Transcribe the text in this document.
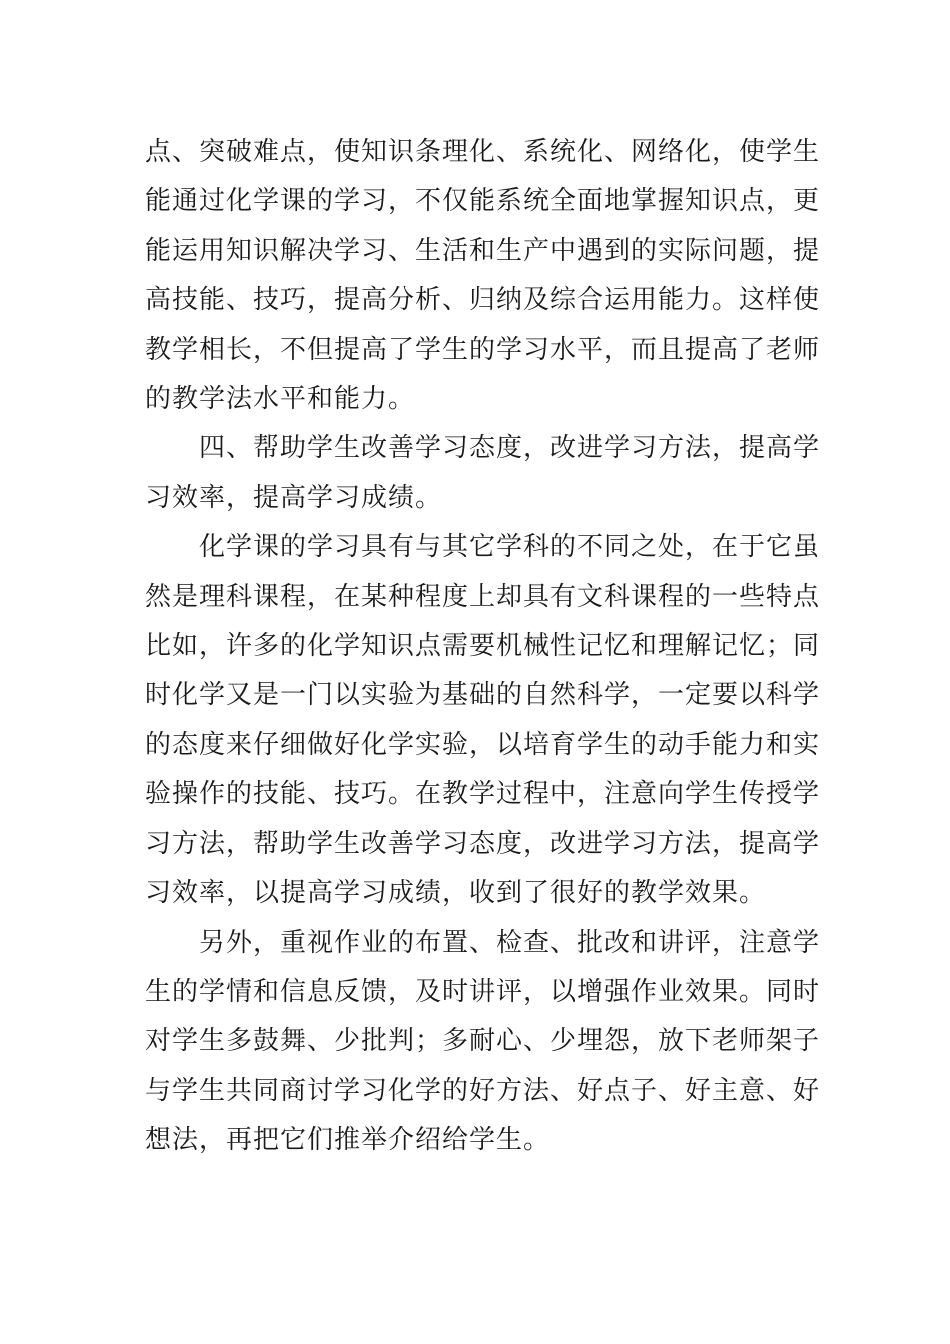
点、突破难点，使知识条理化、系统化、网络化，使学生
能通过化学课的学习，不仅能系统全面地掌握知识点，更
能运用知识解决学习、生活和生产中遇到的实际问题，提
高技能、技巧，提高分析、归纳及综合运用能力。这样使
教学相长，不但提高了学生的学习水平，而且提高了老师
的教学法水平和能力。

　　四、帮助学生改善学习态度，改进学习方法，提高学
习效率，提高学习成绩。

　　化学课的学习具有与其它学科的不同之处，在于它虽
然是理科课程，在某种程度上却具有文科课程的一些特点
比如，许多的化学知识点需要机械性记忆和理解记忆；同
时化学又是一门以实验为基础的自然科学，一定要以科学
的态度来仔细做好化学实验，以培育学生的动手能力和实
验操作的技能、技巧。在教学过程中，注意向学生传授学
习方法，帮助学生改善学习态度，改进学习方法，提高学
习效率，以提高学习成绩，收到了很好的教学效果。

　　另外，重视作业的布置、检查、批改和讲评，注意学
生的学情和信息反馈，及时讲评，以增强作业效果。同时
对学生多鼓舞、少批判；多耐心、少埋怨，放下老师架子
与学生共同商讨学习化学的好方法、好点子、好主意、好
想法，再把它们推举介绍给学生。
